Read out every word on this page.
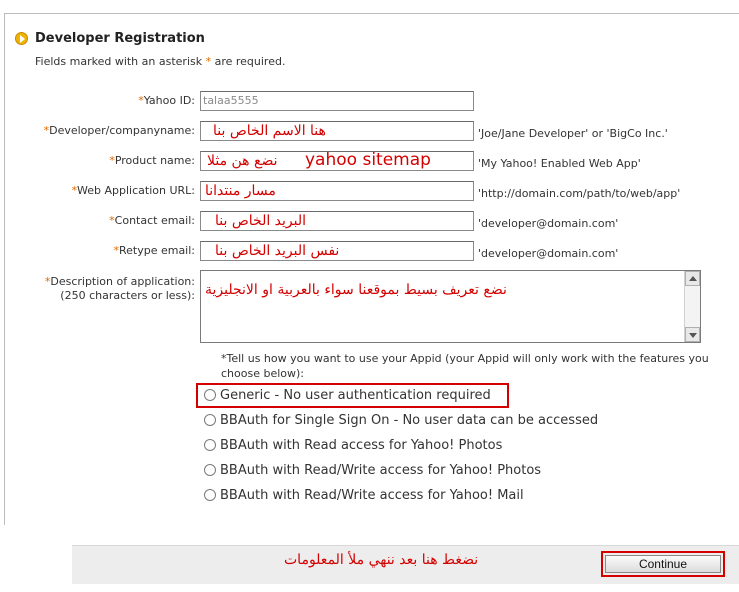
Developer Registration
Fields marked with an asterisk * are required.
*Yahoo ID: talaa5555
*Developer/companyname: هنا الاسم الخاص بنا	'Joe/Jane Developer' or 'BigCo Inc.'
*Product name: نضع هن مثلا yahoo sitemap	'My Yahoo! Enabled Web App'
*Web Application URL: مسار منتدانا	'http://domain.com/path/to/web/app'
*Contact email: البريد الخاص بنا	'developer@domain.com'
*Retype email: نفس البريد الخاص بنا	'developer@domain.com'
*Description of application:
(250 characters or less): نضع تعريف بسيط بموقعنا سواء بالعربية او الانجليزية
*Tell us how you want to use your Appid (your Appid will only work with the features you choose below):
Generic - No user authentication required
BBAuth for Single Sign On - No user data can be accessed
BBAuth with Read access for Yahoo! Photos
BBAuth with Read/Write access for Yahoo! Photos
BBAuth with Read/Write access for Yahoo! Mail
نضغط هنا بعد ننهي ملأ المعلومات	Continue
